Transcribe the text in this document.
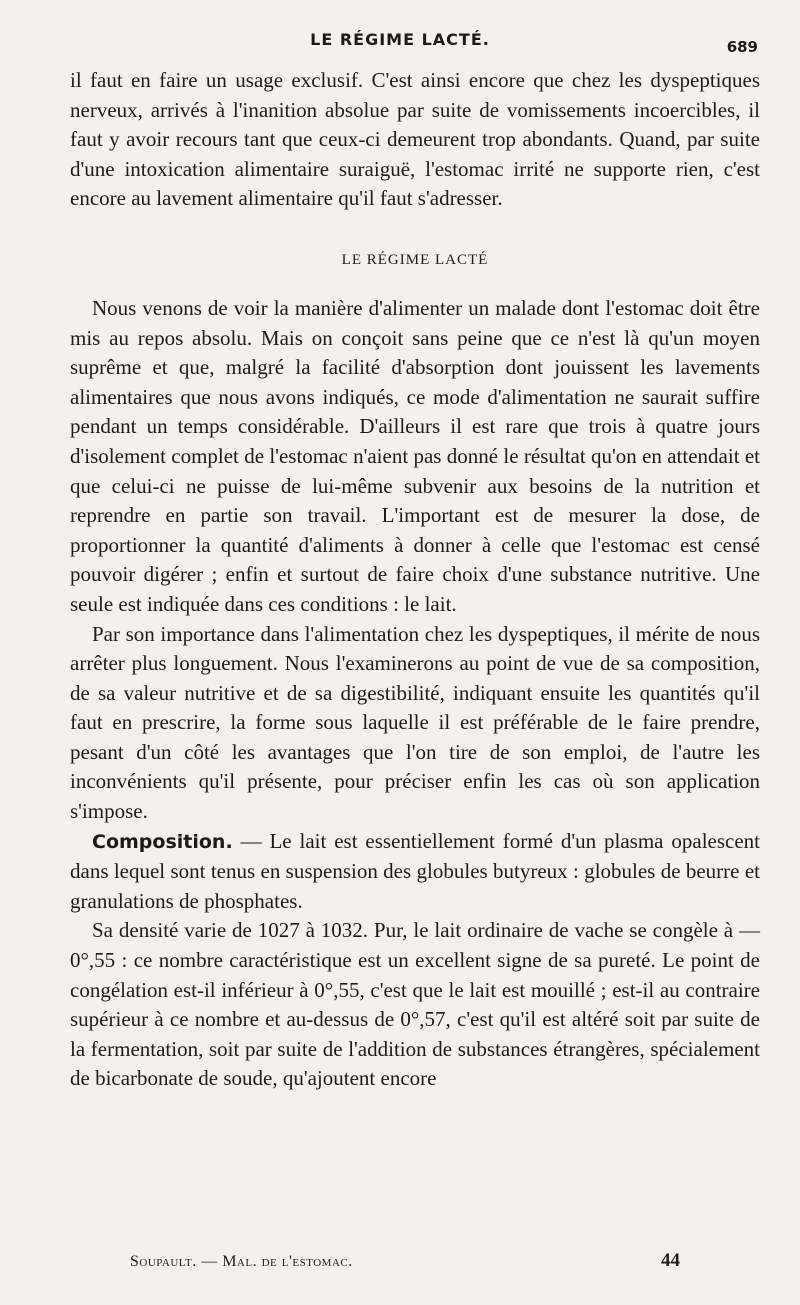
LE RÉGIME LACTÉ.	689

il faut en faire un usage exclusif. C'est ainsi encore que chez les dyspeptiques nerveux, arrivés à l'inanition absolue par suite de vomissements incoercibles, il faut y avoir recours tant que ceux-ci demeurent trop abondants. Quand, par suite d'une intoxication alimentaire suraiguë, l'estomac irrité ne supporte rien, c'est encore au lavement alimentaire qu'il faut s'adresser.

LE RÉGIME LACTÉ

Nous venons de voir la manière d'alimenter un malade dont l'estomac doit être mis au repos absolu. Mais on conçoit sans peine que ce n'est là qu'un moyen suprême et que, malgré la facilité d'absorption dont jouissent les lavements alimentaires que nous avons indiqués, ce mode d'alimentation ne saurait suffire pendant un temps considérable. D'ailleurs il est rare que trois à quatre jours d'isolement complet de l'estomac n'aient pas donné le résultat qu'on en attendait et que celui-ci ne puisse de lui-même subvenir aux besoins de la nutrition et reprendre en partie son travail. L'important est de mesurer la dose, de proportionner la quantité d'aliments à donner à celle que l'estomac est censé pouvoir digérer ; enfin et surtout de faire choix d'une substance nutritive. Une seule est indiquée dans ces conditions : le lait.

Par son importance dans l'alimentation chez les dyspeptiques, il mérite de nous arrêter plus longuement. Nous l'examinerons au point de vue de sa composition, de sa valeur nutritive et de sa digestibilité, indiquant ensuite les quantités qu'il faut en prescrire, la forme sous laquelle il est préférable de le faire prendre, pesant d'un côté les avantages que l'on tire de son emploi, de l'autre les inconvénients qu'il présente, pour préciser enfin les cas où son application s'impose.

Composition. — Le lait est essentiellement formé d'un plasma opalescent dans lequel sont tenus en suspension des globules butyreux : globules de beurre et granulations de phosphates.

Sa densité varie de 1027 à 1032. Pur, le lait ordinaire de vache se congèle à — 0°,55 : ce nombre caractéristique est un excellent signe de sa pureté. Le point de congélation est-il inférieur à 0°,55, c'est que le lait est mouillé ; est-il au contraire supérieur à ce nombre et au-dessus de 0°,57, c'est qu'il est altéré soit par suite de la fermentation, soit par suite de l'addition de substances étrangères, spécialement de bicarbonate de soude, qu'ajoutent encore

Soupault. — Mal. de l'estomac.	44
